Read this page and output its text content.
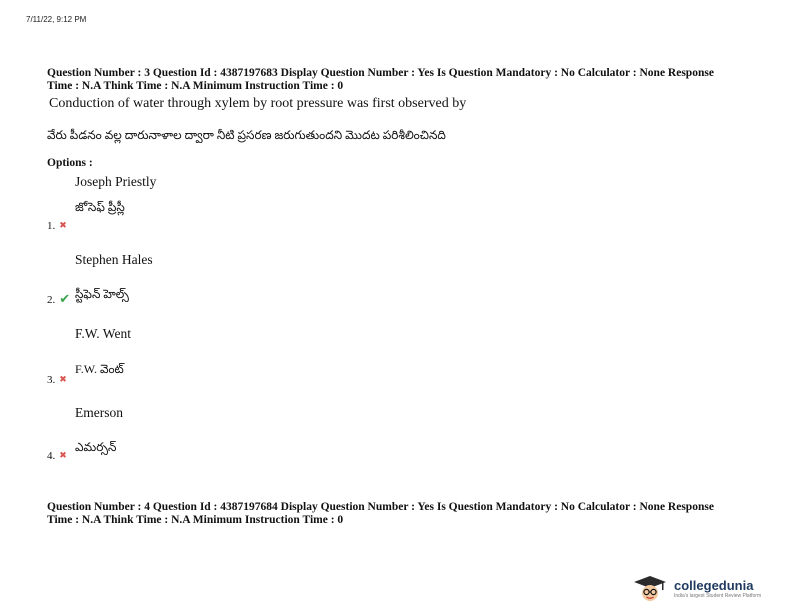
7/11/22, 9:12 PM
Question Number : 3 Question Id : 4387197683 Display Question Number : Yes Is Question Mandatory : No Calculator : None Response
Time : N.A Think Time : N.A Minimum Instruction Time : 0
Conduction of water through xylem by root pressure was first observed by
వేరు పీడనం వల్ల దారునాళాల ద్వారా నీటి ప్రసరణ జరుగుతుందని మొదట పరిశీలించినది
Options :
Joseph Priestly
జోసెఫ్ ప్రీస్లీ
1. ✖
Stephen Hales
స్టీఫెన్ హెల్స్
2. ✔
F.W. Went
F.W. వెంట్
3. ✖
Emerson
ఎమర్సన్
4. ✖
Question Number : 4 Question Id : 4387197684 Display Question Number : Yes Is Question Mandatory : No Calculator : None Response
Time : N.A Think Time : N.A Minimum Instruction Time : 0
collegedunia
India's largest Student Review Platform
